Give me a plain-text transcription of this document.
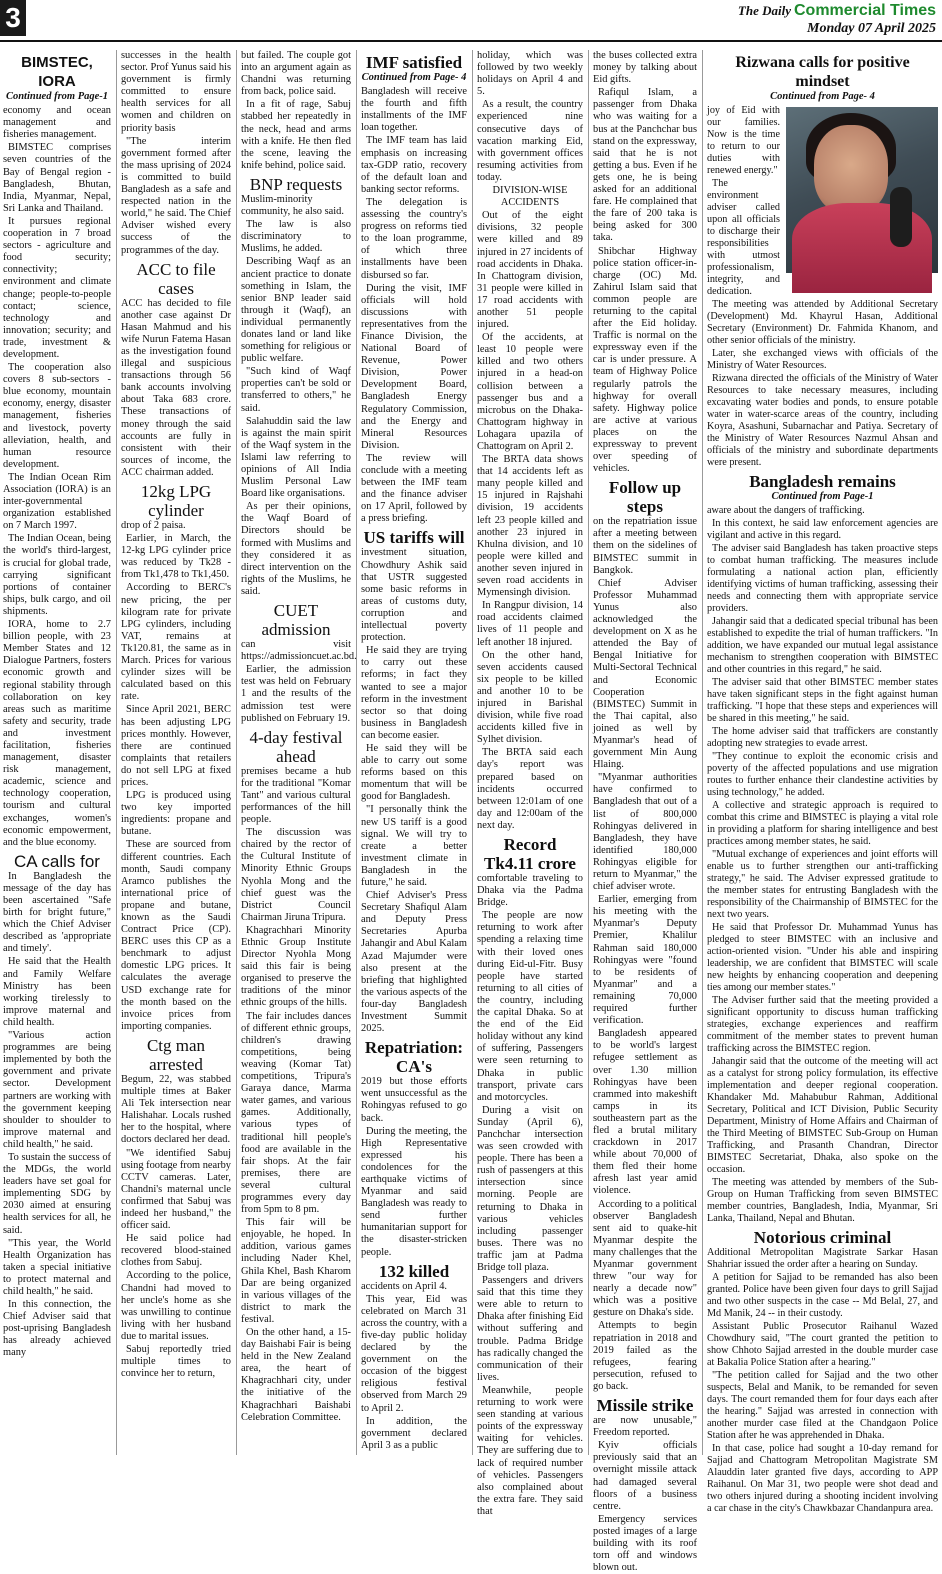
3	The Daily Commercial Times
Monday 07 April 2025
BIMSTEC, IORA
Continued from Page-1

economy and ocean management and fisheries management.

BIMSTEC comprises seven countries of the Bay of Bengal region - Bangladesh, Bhutan, India, Myanmar, Nepal, Sri Lanka and Thailand.

It pursues regional cooperation in 7 broad sectors - agriculture and food security; connectivity; environment and climate change; people-to-people contact; science, technology and innovation; security; and trade, investment & development.

The cooperation also covers 8 sub-sectors - blue economy, mountain economy, energy, disaster management, fisheries and livestock, poverty alleviation, health, and human resource development.

The Indian Ocean Rim Association (IORA) is an inter-governmental organization established on 7 March 1997.

The Indian Ocean, being the world's third-largest, is crucial for global trade, carrying significant portions of container ships, bulk cargo, and oil shipments.

IORA, home to 2.7 billion people, with 23 Member States and 12 Dialogue Partners, fosters economic growth and regional stability through collaboration on key areas such as maritime safety and security, trade and investment facilitation, fisheries management, disaster risk management, academic, science and technology cooperation, tourism and cultural exchanges, women's economic empowerment, and the blue economy.

CA calls for

In Bangladesh the message of the day has been ascertained "Safe birth for bright future," which the Chief Adviser described as 'appropriate and timely'.

He said that the Health and Family Welfare Ministry has been working tirelessly to improve maternal and child health.

"Various action programmes are being implemented by both the government and private sector. Development partners are working with the government keeping shoulder to shoulder to improve maternal and child health," he said.

To sustain the success of the MDGs, the world leaders have set goal for implementing SDG by 2030 aimed at ensuring health services for all, he said.

"This year, the World Health Organization has taken a special initiative to protect maternal and child health," he said.

In this connection, the Chief Adviser said that post-uprising Bangladesh has already achieved many

successes in the health sector. Prof Yunus said his government is firmly committed to ensure health services for all women and children on priority basis

"The interim government formed after the mass uprising of 2024 is committed to build Bangladesh as a safe and respected nation in the world," he said. The Chief Adviser wished every success of the programmes of the day.

ACC to file cases

ACC has decided to file another case against Dr Hasan Mahmud and his wife Nurun Fatema Hasan as the investigation found illegal and suspicious transactions through 56 bank accounts involving about Taka 683 crore. These transactions of money through the said accounts are fully in consistent with their sources of income, the ACC chairman added.

12kg LPG cylinder

drop of 2 paisa.

Earlier, in March, the 12-kg LPG cylinder price was reduced by Tk28 - from Tk1,478 to Tk1,450.

According to BERC's new pricing, the per kilogram rate for private LPG cylinders, including VAT, remains at Tk120.81, the same as in March. Prices for various cylinder sizes will be calculated based on this rate.

Since April 2021, BERC has been adjusting LPG prices monthly. However, there are continued complaints that retailers do not sell LPG at fixed prices.

LPG is produced using two key imported ingredients: propane and butane.

These are sourced from different countries. Each month, Saudi company Aramco publishes the international price of propane and butane, known as the Saudi Contract Price (CP). BERC uses this CP as a benchmark to adjust domestic LPG prices. It calculates the average USD exchange rate for the month based on the invoice prices from importing companies.

Ctg man arrested

Begum, 22, was stabbed multiple times at Baker Ali Tek intersection near Halishahar. Locals rushed her to the hospital, where doctors declared her dead.

"We identified Sabuj using footage from nearby CCTV cameras. Later, Chandni's maternal uncle confirmed that Sabuj was indeed her husband," the officer said.

He said police had recovered blood-stained clothes from Sabuj.

According to the police, Chandni had moved to her uncle's home as she was unwilling to continue living with her husband due to marital issues.

Sabuj reportedly tried multiple times to convince her to return,

but failed. The couple got into an argument again as Chandni was returning from back, police said.

In a fit of rage, Sabuj stabbed her repeatedly in the neck, head and arms with a knife. He then fled the scene, leaving the knife behind, police said.

BNP requests

Muslim-minority community, he also said.

The law is also discriminatory to Muslims, he added.

Describing Waqf as an ancient practice to donate something in Islam, the senior BNP leader said through it (Waqf), an individual permanently donates land or land like something for religious or public welfare.

"Such kind of Waqf properties can't be sold or transferred to others," he said.

Salahuddin said the law is against the main spirit of the Waqf system in the Islami law referring to opinions of All India Muslim Personal Law Board like organisations.

As per their opinions, the Waqf Board of Directors should be formed with Muslims and they considered it as direct intervention on the rights of the Muslims, he said.

CUET admission

can visit https://admissioncuet.ac.bd.

Earlier, the admission test was held on February 1 and the results of the admission test were published on February 19.

4-day festival ahead

premises became a hub for the traditional "Komar Tant" and various cultural performances of the hill people.

The discussion was chaired by the rector of the Cultural Institute of Minority Ethnic Groups Nyohla Mong and the chief guest was the District Council Chairman Jiruna Tripura.

Khagrachhari Minority Ethnic Group Institute Director Nyohla Mong said this fair is being organised to preserve the traditions of the minor ethnic groups of the hills.

The fair includes dances of different ethnic groups, children's drawing competitions, being weaving (Komar Tat) competitions, Tripura's Garaya dance, Marma water games, and various games. Additionally, various types of traditional hill people's food are available in the fair shops. At the fair premises, there are several cultural programmes every day from 5pm to 8 pm.

This fair will be enjoyable, he hoped. In addition, various games including Nader Khel, Ghila Khel, Bash Kharom Dar are being organized in various villages of the district to mark the festival.

On the other hand, a 15-day Baishabi Fair is being held in the New Zealand area, the heart of Khagrachhari city, under the initiative of the Khagrachhari Baishabi Celebration Committee.

IMF satisfied
Continued from Page- 4

Bangladesh will receive the fourth and fifth installments of the IMF loan together.

The IMF team has laid emphasis on increasing tax-GDP ratio, recovery of the default loan and banking sector reforms.

The delegation is assessing the country's progress on reforms tied to the loan programme, of which three installments have been disbursed so far.

During the visit, IMF officials will hold discussions with representatives from the Finance Division, the National Board of Revenue, Power Division, Power Development Board, Bangladesh Energy Regulatory Commission, and the Energy and Mineral Resources Division.

The review will conclude with a meeting between the IMF team and the finance adviser on 17 April, followed by a press briefing.

US tariffs will

investment situation, Chowdhury Ashik said that USTR suggested some basic reforms in areas of customs duty, corruption and intellectual poverty protection.

He said they are trying to carry out these reforms; in fact they wanted to see a major reform in the investment sector so that doing business in Bangladesh can become easier.

He said they will be able to carry out some reforms based on this momentum that will be good for Bangladesh.

"I personally think the new US tariff is a good signal. We will try to create a better investment climate in Bangladesh in the future," he said.

Chief Adviser's Press Secretary Shafiqul Alam and Deputy Press Secretaries Apurba Jahangir and Abul Kalam Azad Majumder were also present at the briefing that highlighted the various aspects of the four-day Bangladesh Investment Summit 2025.

Repatriation: CA's

2019 but those efforts went unsuccessful as the Rohingyas refused to go back.

During the meeting, the High Representative expressed his condolences for the earthquake victims of Myanmar and said Bangladesh was ready to send further humanitarian support for the disaster-stricken people.

132 killed

accidents on April 4.

This year, Eid was celebrated on March 31 across the country, with a five-day public holiday declared by the government on the occasion of the biggest religious festival observed from March 29 to April 2.

In addition, the government declared April 3 as a public

holiday, which was followed by two weekly holidays on April 4 and 5.

As a result, the country experienced nine consecutive days of vacation marking Eid, with government offices resuming activities from today.

DIVISION-WISE ACCIDENTS

Out of the eight divisions, 32 people were killed and 89 injured in 27 incidents of road accidents in Dhaka. In Chattogram division, 31 people were killed in 17 road accidents with another 51 people injured.

Of the accidents, at least 10 people were killed and two others injured in a head-on collision between a passenger bus and a microbus on the Dhaka-Chattogram highway in Lohagara upazila of Chattogram on April 2.

The BRTA data shows that 14 accidents left as many people killed and 15 injured in Rajshahi division, 19 accidents left 23 people killed and another 23 injured in Khulna division, and 10 people were killed and another seven injured in seven road accidents in Mymensingh division.

In Rangpur division, 14 road accidents claimed lives of 11 people and left another 18 injured.

On the other hand, seven accidents caused six people to be killed and another 10 to be injured in Barishal division, while five road accidents killed five in Sylhet division.

The BRTA said each day's report was prepared based on incidents occurred between 12:01am of one day and 12:00am of the next day.

Record Tk4.11 crore

comfortable traveling to Dhaka via the Padma Bridge.

The people are now returning to work after spending a relaxing time with their loved ones during Eid-ul-Fitr. Busy people have started returning to all cities of the country, including the capital Dhaka. So at the end of the Eid holiday without any kind of suffering, Passengers were seen returning to Dhaka in public transport, private cars and motorcycles.

During a visit on Sunday (April 6), Panchchar intersection was seen crowded with people. There has been a rush of passengers at this intersection since morning. People are returning to Dhaka in various vehicles including passenger buses. There was no traffic jam at Padma Bridge toll plaza.

Passengers and drivers said that this time they were able to return to Dhaka after finishing Eid without suffering and trouble. Padma Bridge has radically changed the communication of their lives.

Meanwhile, people returning to work were seen standing at various points of the expressway waiting for vehicles. They are suffering due to lack of required number of vehicles. Passengers also complained about the extra fare. They said that

the buses collected extra money by talking about Eid gifts.

Rafiqul Islam, a passenger from Dhaka who was waiting for a bus at the Panchchar bus stand on the expressway, said that he is not getting a bus. Even if he gets one, he is being asked for an additional fare. He complained that the fare of 200 taka is being asked for 300 taka.

Shibchar Highway police station officer-in-charge (OC) Md. Zahirul Islam said that common people are returning to the capital after the Eid holiday. Traffic is normal on the expressway even if the car is under pressure. A team of Highway Police regularly patrols the highway for overall safety. Highway police are active at various places on the expressway to prevent over speeding of vehicles.

Follow up steps

on the repatriation issue after a meeting between them on the sidelines of BIMSTEC summit in Bangkok.

Chief Adviser Professor Muhammad Yunus also acknowledged the development on X as he attended the Bay of Bengal Initiative for Multi-Sectoral Technical and Economic Cooperation (BIMSTEC) Summit in the Thai capital, also joined as well by Myanmar's head of government Min Aung Hlaing.

"Myanmar authorities have confirmed to Bangladesh that out of a list of 800,000 Rohingyas delivered in Bangladesh, they have identified 180,000 Rohingyas eligible for return to Myanmar," the chief adviser wrote.

Earlier, emerging from his meeting with the Myanmar's Deputy Premier, Khalilur Rahman said 180,000 Rohingyas were "found to be residents of Myanmar" and a remaining 70,000 required further verification.

Bangladesh appeared to be world's largest refugee settlement as over 1.30 million Rohingyas have been crammed into makeshift camps in its southeastern part as the fled a brutal military crackdown in 2017 while about 70,000 of them fled their home afresh last year amid violence.

According to a political observer Bangladesh sent aid to quake-hit Myanmar despite the many challenges that the Myanmar government threw "our way for nearly a decade now" which was a positive gesture on Dhaka's side.

Attempts to begin repatriation in 2018 and 2019 failed as the refugees, fearing persecution, refused to go back.

Missile strike

are now unusable," Freedom reported.

Kyiv officials previously said that an overnight missile attack had damaged several floors of a business centre.

Emergency services posted images of a large building with its roof torn off and windows blown out.

Rizwana calls for positive mindset
Continued from Page- 4

joy of Eid with our families. Now is the time to return to our duties with renewed energy."

The environment adviser called upon all officials to discharge their responsibilities with utmost professionalism, integrity, and dedication.

The meeting was attended by Additional Secretary (Development) Md. Khayrul Hasan, Additional Secretary (Environment) Dr. Fahmida Khanom, and other senior officials of the ministry.

Later, she exchanged views with officials of the Ministry of Water Resources.

Rizwana directed the officials of the Ministry of Water Resources to take necessary measures, including excavating water bodies and ponds, to ensure potable water in water-scarce areas of the country, including Koyra, Asashuni, Subarnachar and Patiya. Secretary of the Ministry of Water Resources Nazmul Ahsan and officials of the ministry and subordinate departments were present.

Bangladesh remains
Continued from Page-1

aware about the dangers of trafficking.

In this context, he said law enforcement agencies are vigilant and active in this regard.

The adviser said Bangladesh has taken proactive steps to combat human trafficking. The measures include formulating a national action plan, efficiently identifying victims of human trafficking, assessing their needs and connecting them with appropriate service providers.

Jahangir said that a dedicated special tribunal has been established to expedite the trial of human traffickers. "In addition, we have expanded our mutual legal assistance mechanism to strengthen cooperation with BIMSTEC and other countries in this regard," he said.

The adviser said that other BIMSTEC member states have taken significant steps in the fight against human trafficking. "I hope that these steps and experiences will be shared in this meeting," he said.

The home adviser said that traffickers are constantly adopting new strategies to evade arrest.

"They continue to exploit the economic crisis and poverty of the affected populations and use migration routes to further enhance their clandestine activities by using technology," he added.

A collective and strategic approach is required to combat this crime and BIMSTEC is playing a vital role in providing a platform for sharing intelligence and best practices among member states, he said.

"Mutual exchange of experiences and joint efforts will enable us to further strengthen our anti-trafficking strategy," he said. The Adviser expressed gratitude to the member states for entrusting Bangladesh with the responsibility of the Chairmanship of BIMSTEC for the next two years.

He said that Professor Dr. Muhammad Yunus has pledged to steer BIMSTEC with an inclusive and action-oriented vision. "Under his able and inspiring leadership, we are confident that BIMSTEC will scale new heights by enhancing cooperation and deepening ties among our member states."

The Adviser further said that the meeting provided a significant opportunity to discuss human trafficking strategies, exchange experiences and reaffirm commitment of the member states to prevent human trafficking across the BIMSTEC region.

Jahangir said that the outcome of the meeting will act as a catalyst for strong policy formulation, its effective implementation and deeper regional cooperation. Khandaker Md. Mahabubur Rahman, Additional Secretary, Political and ICT Division, Public Security Department, Ministry of Home Affairs and Chairman of the Third Meeting of BIMSTEC Sub-Group on Human Trafficking, and Prasanth Chandran, Director BIMSTEC Secretariat, Dhaka, also spoke on the occasion.

The meeting was attended by members of the Sub-Group on Human Trafficking from seven BIMSTEC member countries, Bangladesh, India, Myanmar, Sri Lanka, Thailand, Nepal and Bhutan.

Notorious criminal

Additional Metropolitan Magistrate Sarkar Hasan Shahriar issued the order after a hearing on Sunday.

A petition for Sajjad to be remanded has also been granted. Police have been given four days to grill Sajjad and two other suspects in the case -- Md Belal, 27, and Md Manik, 24 -- in their custody.

Assistant Public Prosecutor Raihanul Wazed Chowdhury said, "The court granted the petition to show Chhoto Sajjad arrested in the double murder case at Bakalia Police Station after a hearing."

"The petition called for Sajjad and the two other suspects, Belal and Manik, to be remanded for seven days. The court remanded them for four days each after the hearing." Sajjad was arrested in connection with another murder case filed at the Chandgaon Police Station after he was apprehended in Dhaka.

In that case, police had sought a 10-day remand for Sajjad and Chattogram Metropolitan Magistrate SM Alauddin later granted five days, according to APP Raihanul. On Mar 31, two people were shot dead and two others injured during a shooting incident involving a car chase in the city's Chawkbazar Chandanpura area.
